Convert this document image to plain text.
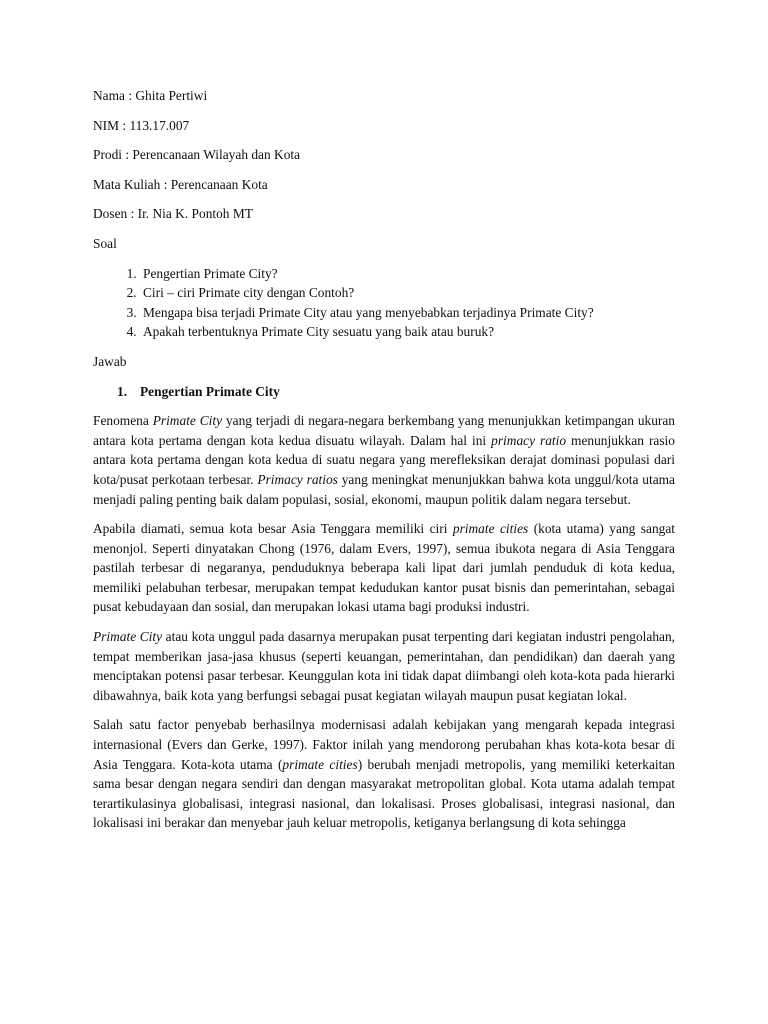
Nama : Ghita Pertiwi

NIM : 113.17.007

Prodi : Perencanaan Wilayah dan Kota

Mata Kuliah : Perencanaan Kota

Dosen : Ir. Nia K. Pontoh MT

Soal

1. Pengertian Primate City?
2. Ciri – ciri Primate city dengan Contoh?
3. Mengapa bisa terjadi Primate City atau yang menyebabkan terjadinya Primate City?
4. Apakah terbentuknya Primate City sesuatu yang baik atau buruk?

Jawab

1. Pengertian Primate City

Fenomena Primate City yang terjadi di negara-negara berkembang yang menunjukkan ketimpangan ukuran antara kota pertama dengan kota kedua disuatu wilayah. Dalam hal ini primacy ratio menunjukkan rasio antara kota pertama dengan kota kedua di suatu negara yang merefleksikan derajat dominasi populasi dari kota/pusat perkotaan terbesar. Primacy ratios yang meningkat menunjukkan bahwa kota unggul/kota utama menjadi paling penting baik dalam populasi, sosial, ekonomi, maupun politik dalam negara tersebut.

Apabila diamati, semua kota besar Asia Tenggara memiliki ciri primate cities (kota utama) yang sangat menonjol. Seperti dinyatakan Chong (1976, dalam Evers, 1997), semua ibukota negara di Asia Tenggara pastilah terbesar di negaranya, penduduknya beberapa kali lipat dari jumlah penduduk di kota kedua, memiliki pelabuhan terbesar, merupakan tempat kedudukan kantor pusat bisnis dan pemerintahan, sebagai pusat kebudayaan dan sosial, dan merupakan lokasi utama bagi produksi industri.

Primate City atau kota unggul pada dasarnya merupakan pusat terpenting dari kegiatan industri pengolahan, tempat memberikan jasa-jasa khusus (seperti keuangan, pemerintahan, dan pendidikan) dan daerah yang menciptakan potensi pasar terbesar. Keunggulan kota ini tidak dapat diimbangi oleh kota-kota pada hierarki dibawahnya, baik kota yang berfungsi sebagai pusat kegiatan wilayah maupun pusat kegiatan lokal.

Salah satu factor penyebab berhasilnya modernisasi adalah kebijakan yang mengarah kepada integrasi internasional (Evers dan Gerke, 1997). Faktor inilah yang mendorong perubahan khas kota-kota besar di Asia Tenggara. Kota-kota utama (primate cities) berubah menjadi metropolis, yang memiliki keterkaitan sama besar dengan negara sendiri dan dengan masyarakat metropolitan global. Kota utama adalah tempat terartikulasinya globalisasi, integrasi nasional, dan lokalisasi. Proses globalisasi, integrasi nasional, dan lokalisasi ini berakar dan menyebar jauh keluar metropolis, ketiganya berlangsung di kota sehingga
